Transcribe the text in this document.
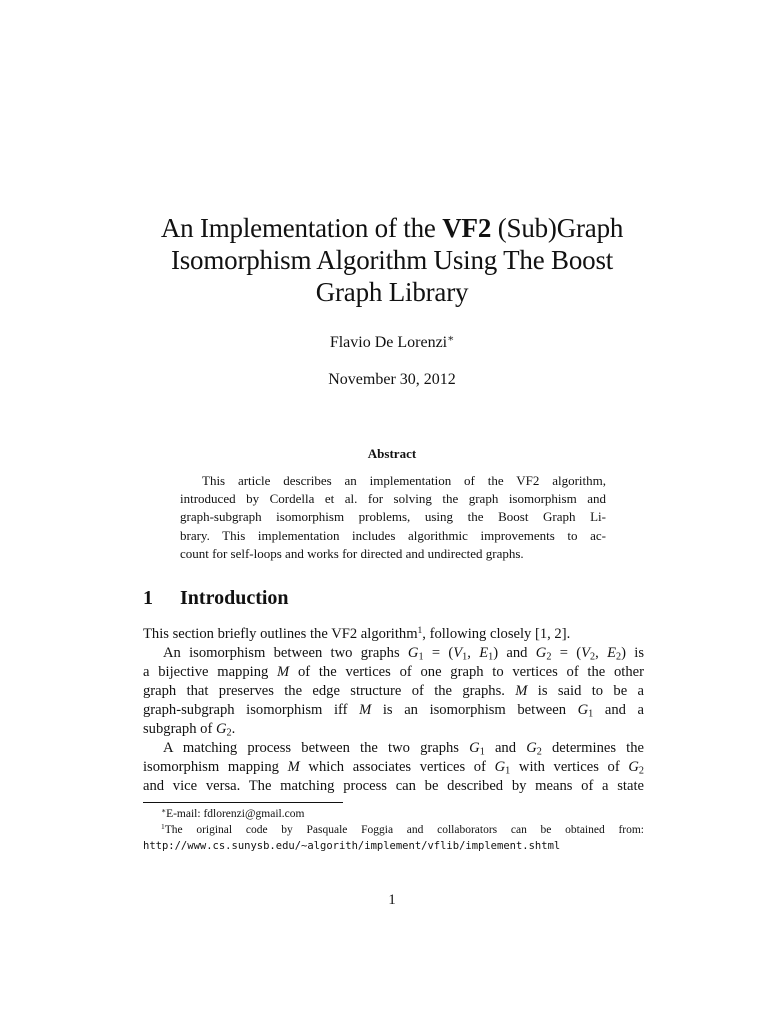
An Implementation of the VF2 (Sub)Graph
Isomorphism Algorithm Using The Boost
Graph Library
Flavio De Lorenzi∗
November 30, 2012
Abstract
This article describes an implementation of the VF2 algorithm,
introduced by Cordella et al. for solving the graph isomorphism and
graph-subgraph isomorphism problems, using the Boost Graph Li-
brary. This implementation includes algorithmic improvements to ac-
count for self-loops and works for directed and undirected graphs.
1 Introduction
This section briefly outlines the VF2 algorithm$^1$, following closely [1, 2].
An isomorphism between two graphs $G_1 = (V_1$, $E_1$) and $G_2 = (V_2$, $E_2$) is
a bijective mapping M of the vertices of one graph to vertices of the other
graph that preserves the edge structure of the graphs. M is said to be a
graph-subgraph isomorphism iff M is an isomorphism between $G_1$ and a
subgraph of $G_2$.
A matching process between the two graphs $G_1$ and $G_2$ determines the
isomorphism mapping M which associates vertices of $G_1$ with vertices of $G_2$
and vice versa. The matching process can be described by means of a state
∗E-mail: fdlorenzi@gmail.com
$^1$The original code by Pasquale Foggia and collaborators can be obtained from:
http://www.cs.sunysb.edu/~algorith/implement/vflib/implement.shtml
1
